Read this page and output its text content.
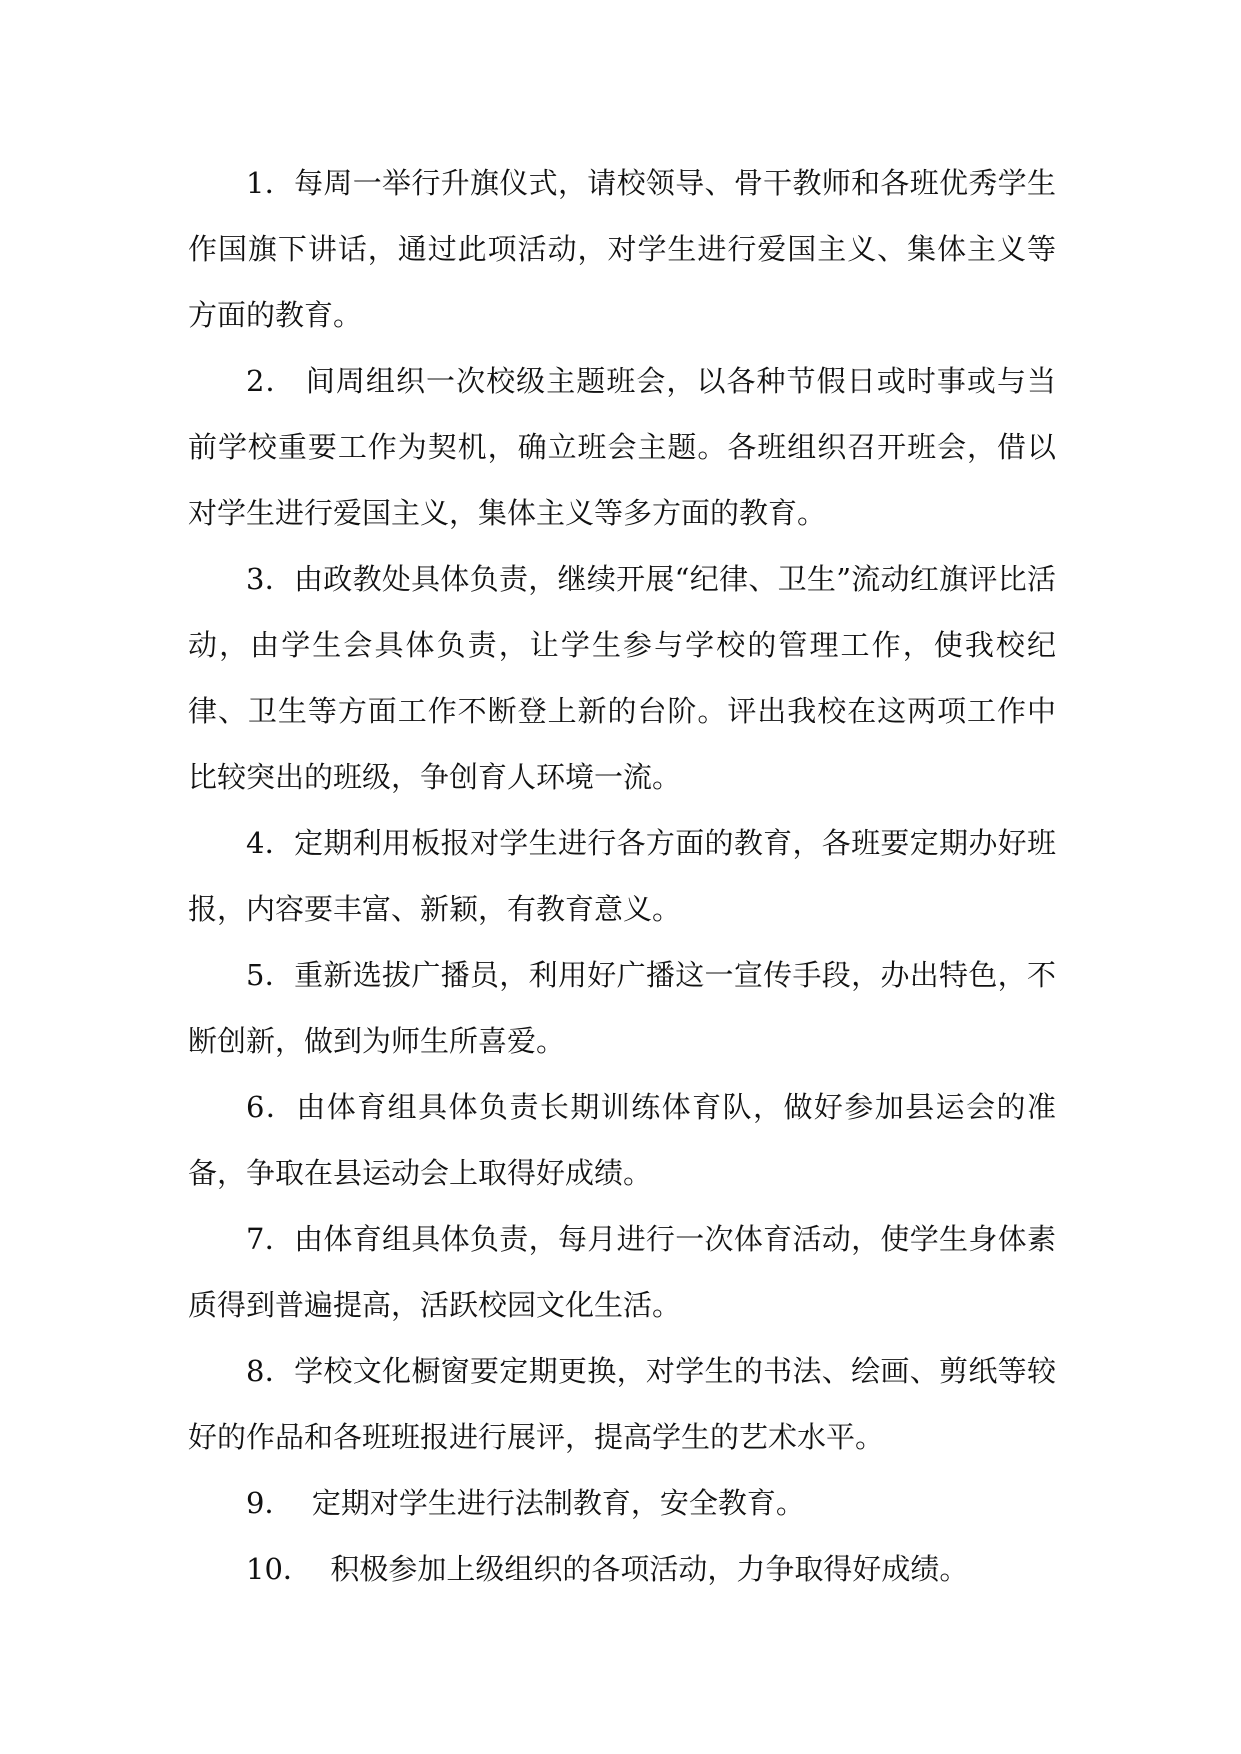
1．每周一举行升旗仪式，请校领导、骨干教师和各班优秀学生作国旗下讲话，通过此项活动，对学生进行爱国主义、集体主义等方面的教育。

2． 间周组织一次校级主题班会，以各种节假日或时事或与当前学校重要工作为契机，确立班会主题。各班组织召开班会，借以对学生进行爱国主义，集体主义等多方面的教育。

3．由政教处具体负责，继续开展“纪律、卫生”流动红旗评比活动，由学生会具体负责，让学生参与学校的管理工作，使我校纪律、卫生等方面工作不断登上新的台阶。评出我校在这两项工作中比较突出的班级，争创育人环境一流。

4．定期利用板报对学生进行各方面的教育，各班要定期办好班报，内容要丰富、新颖，有教育意义。

5．重新选拔广播员，利用好广播这一宣传手段，办出特色，不断创新，做到为师生所喜爱。

6．由体育组具体负责长期训练体育队，做好参加县运会的准备，争取在县运动会上取得好成绩。

7．由体育组具体负责，每月进行一次体育活动，使学生身体素质得到普遍提高，活跃校园文化生活。

8．学校文化橱窗要定期更换，对学生的书法、绘画、剪纸等较好的作品和各班班报进行展评，提高学生的艺术水平。

9．  定期对学生进行法制教育，安全教育。

10．  积极参加上级组织的各项活动，力争取得好成绩。
